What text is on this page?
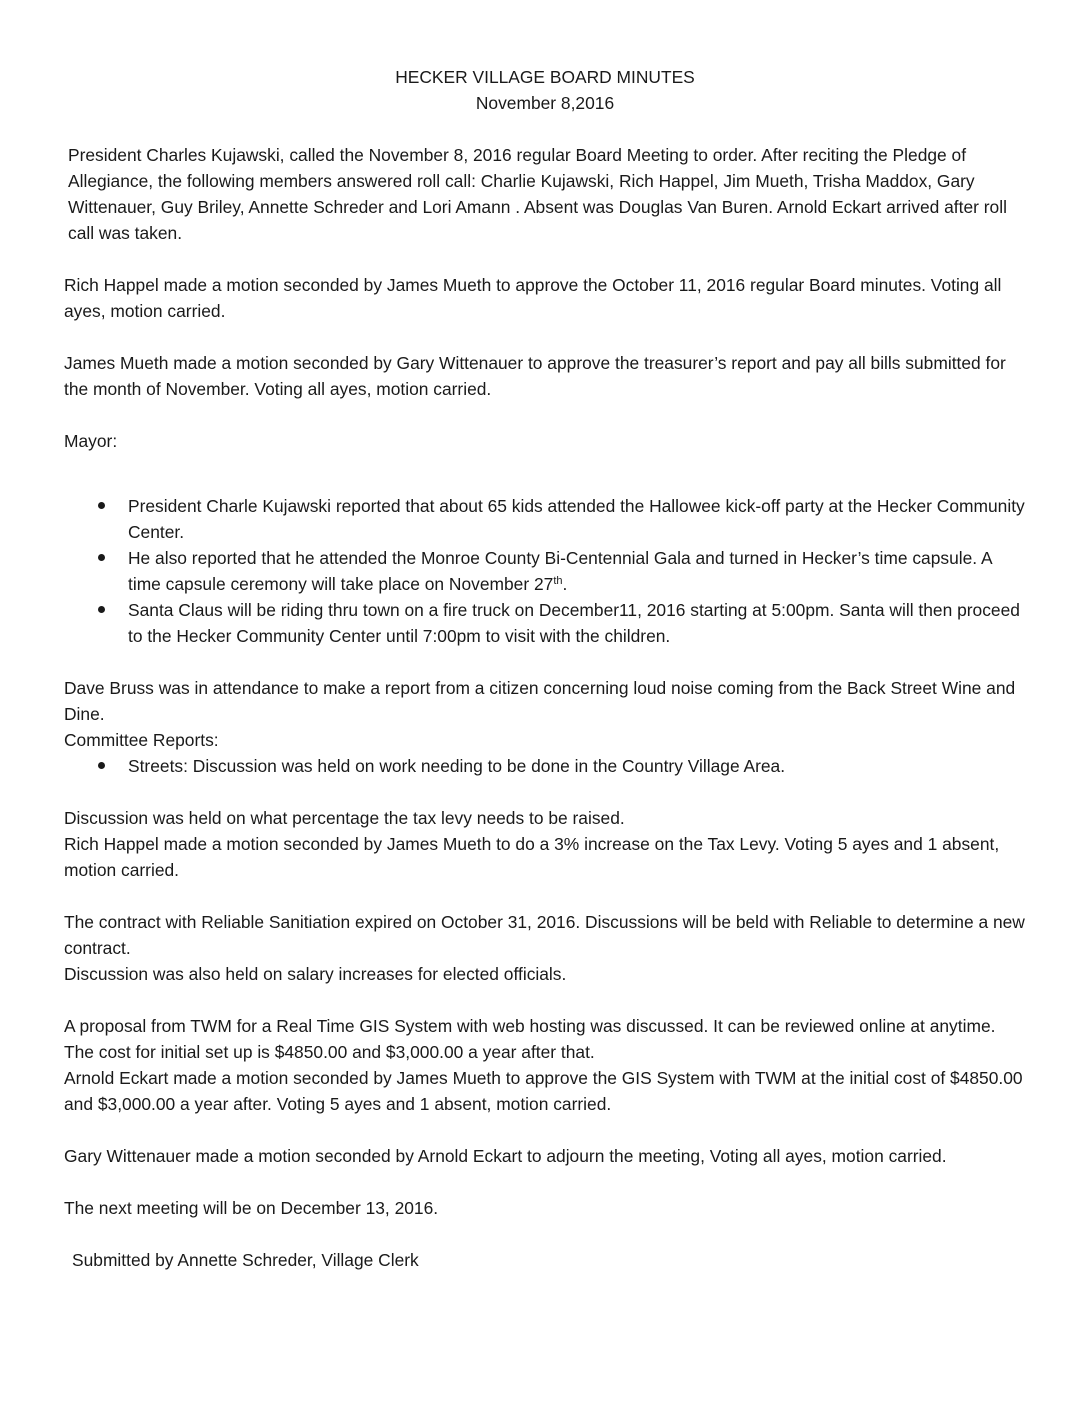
HECKER VILLAGE BOARD MINUTES
November 8,2016

President Charles Kujawski, called the November 8, 2016 regular Board Meeting to order. After reciting the Pledge of Allegiance, the following members answered roll call: Charlie Kujawski, Rich Happel, Jim Mueth, Trisha Maddox, Gary Wittenauer, Guy Briley, Annette Schreder and Lori Amann . Absent was Douglas Van Buren. Arnold Eckart arrived after roll call was taken.

Rich Happel made a motion seconded by James Mueth to approve the October 11, 2016 regular Board minutes. Voting all ayes, motion carried.

James Mueth made a motion seconded by Gary Wittenauer to approve the treasurer’s report and pay all bills submitted for the month of November. Voting all ayes, motion carried.

Mayor:

President Charle Kujawski reported that about 65 kids attended the Hallowee kick-off party at the Hecker Community Center.
He also reported that he attended the Monroe County Bi-Centennial Gala and turned in Hecker’s time capsule. A time capsule ceremony will take place on November 27th.
Santa Claus will be riding thru town on a fire truck on December11, 2016 starting at 5:00pm. Santa will then proceed to the Hecker Community Center until 7:00pm to visit with the children.

Dave Bruss was in attendance to make a report from a citizen concerning loud noise coming from the Back Street Wine and Dine.

Committee Reports:

Streets: Discussion was held on work needing to be done in the Country Village Area.

Discussion was held on what percentage the tax levy needs to be raised.

Rich Happel made a motion seconded by James Mueth to do a 3% increase on the Tax Levy. Voting 5 ayes and 1 absent, motion carried.

The contract with Reliable Sanitiation expired on October 31, 2016. Discussions will be beld with Reliable to determine a new contract.

Discussion was also held on salary increases for elected officials.

A proposal from TWM for a Real Time GIS System with web hosting was discussed. It can be reviewed online at anytime. The cost for initial set up is $4850.00 and $3,000.00 a year after that.

Arnold Eckart made a motion seconded by James Mueth to approve the GIS System with TWM at the initial cost of $4850.00 and $3,000.00 a year after. Voting 5 ayes and 1 absent, motion carried.

Gary Wittenauer made a motion seconded by Arnold Eckart to adjourn the meeting, Voting all ayes, motion carried.

The next meeting will be on December 13, 2016.

Submitted by Annette Schreder, Village Clerk
